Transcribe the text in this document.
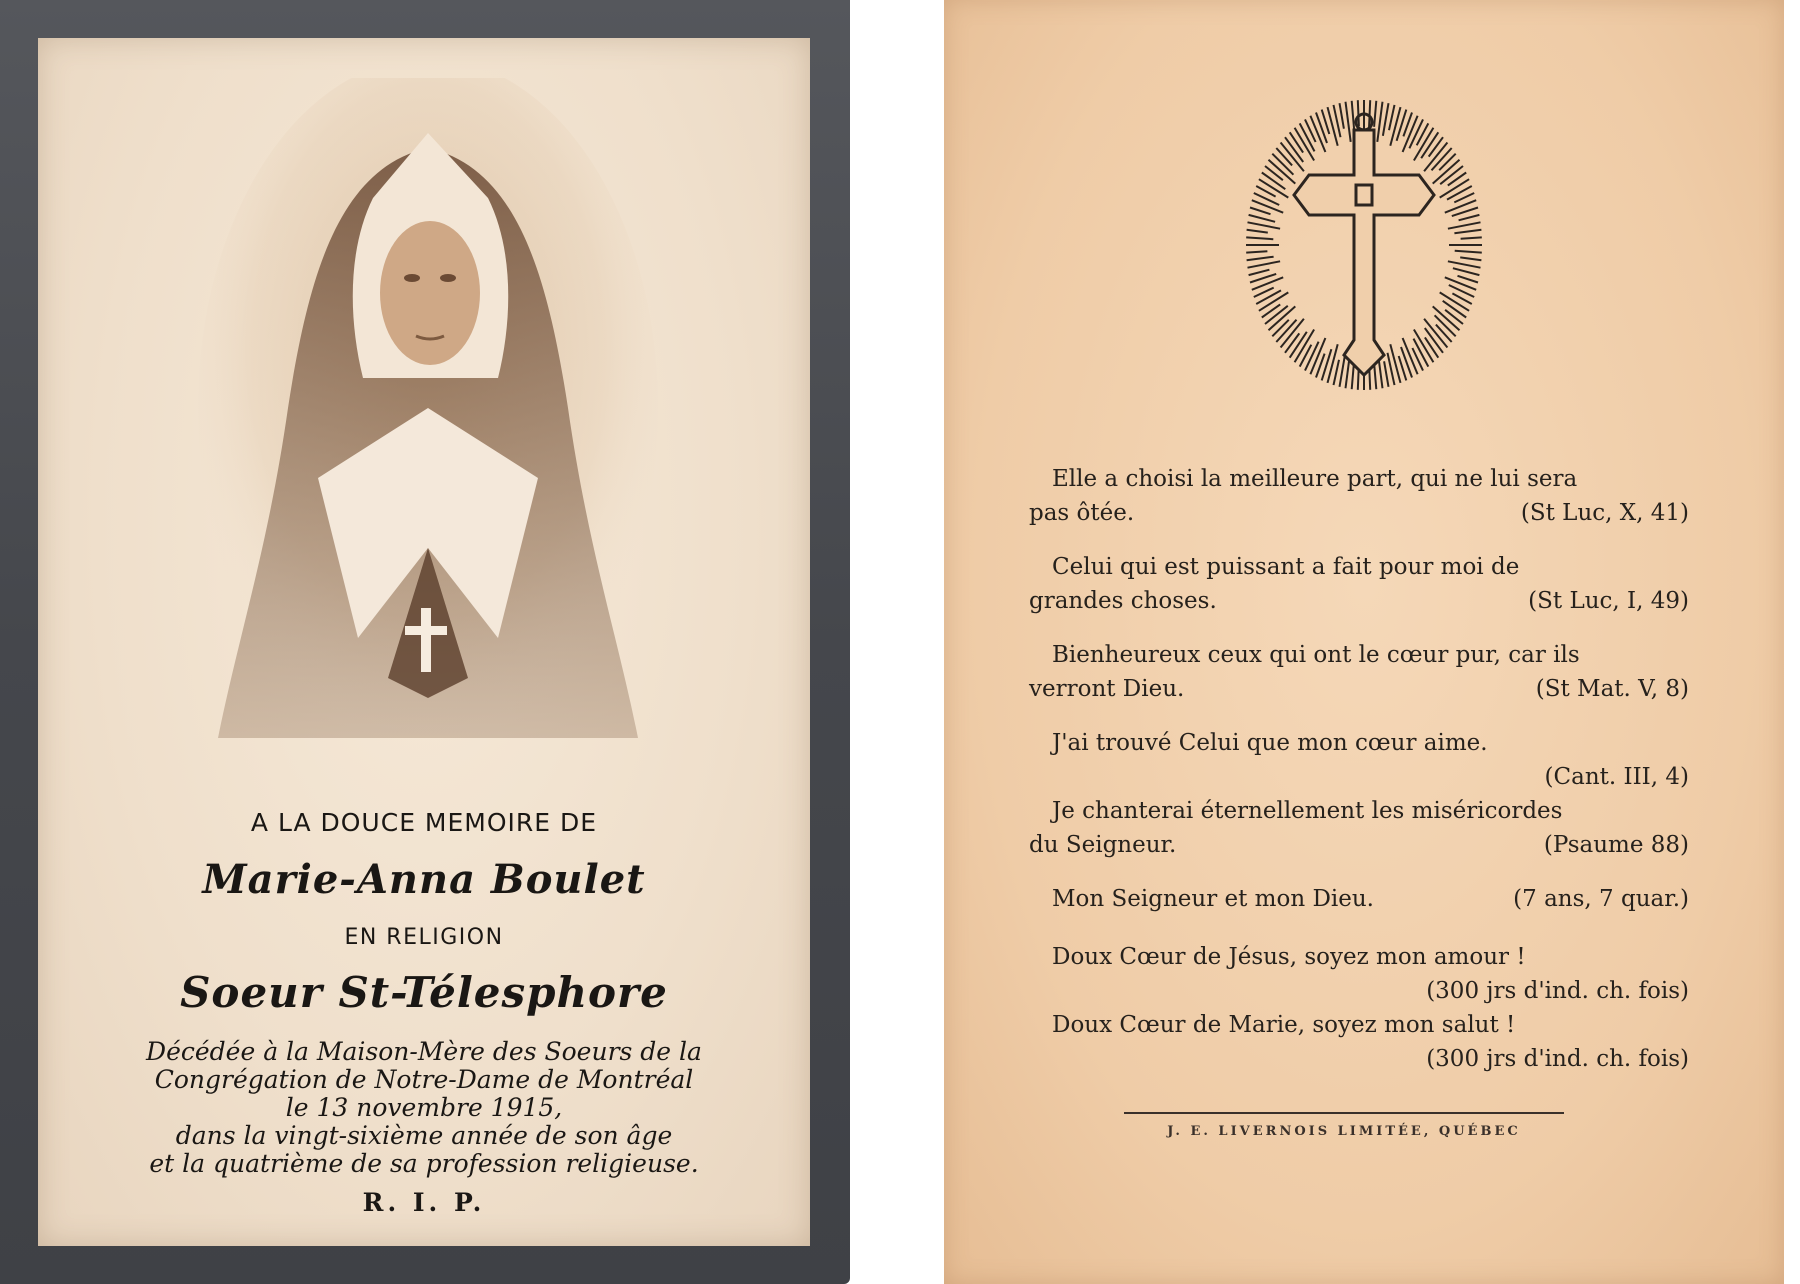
A LA DOUCE MEMOIRE DE
Marie-Anna Boulet
EN RELIGION
Soeur St-Télesphore
Décédée à la Maison-Mère des Soeurs de la
Congrégation de Notre-Dame de Montréal
le 13 novembre 1915,
dans la vingt-sixième année de son âge
et la quatrième de sa profession religieuse.
R. I. P.
Elle a choisi la meilleure part, qui ne lui sera
pas ôtée.	(St Luc, X, 41)
Celui qui est puissant a fait pour moi de
grandes choses.	(St Luc, I, 49)
Bienheureux ceux qui ont le cœur pur, car ils
verront Dieu.	(St Mat. V, 8)
J'ai trouvé Celui que mon cœur aime.
(Cant. III, 4)
Je chanterai éternellement les miséricordes
du Seigneur.	(Psaume 88)
Mon Seigneur et mon Dieu.	(7 ans, 7 quar.)
Doux Cœur de Jésus, soyez mon amour !
(300 jrs d'ind. ch. fois)
Doux Cœur de Marie, soyez mon salut !
(300 jrs d'ind. ch. fois)
J. E. LIVERNOIS LIMITÉE, QUÉBEC
